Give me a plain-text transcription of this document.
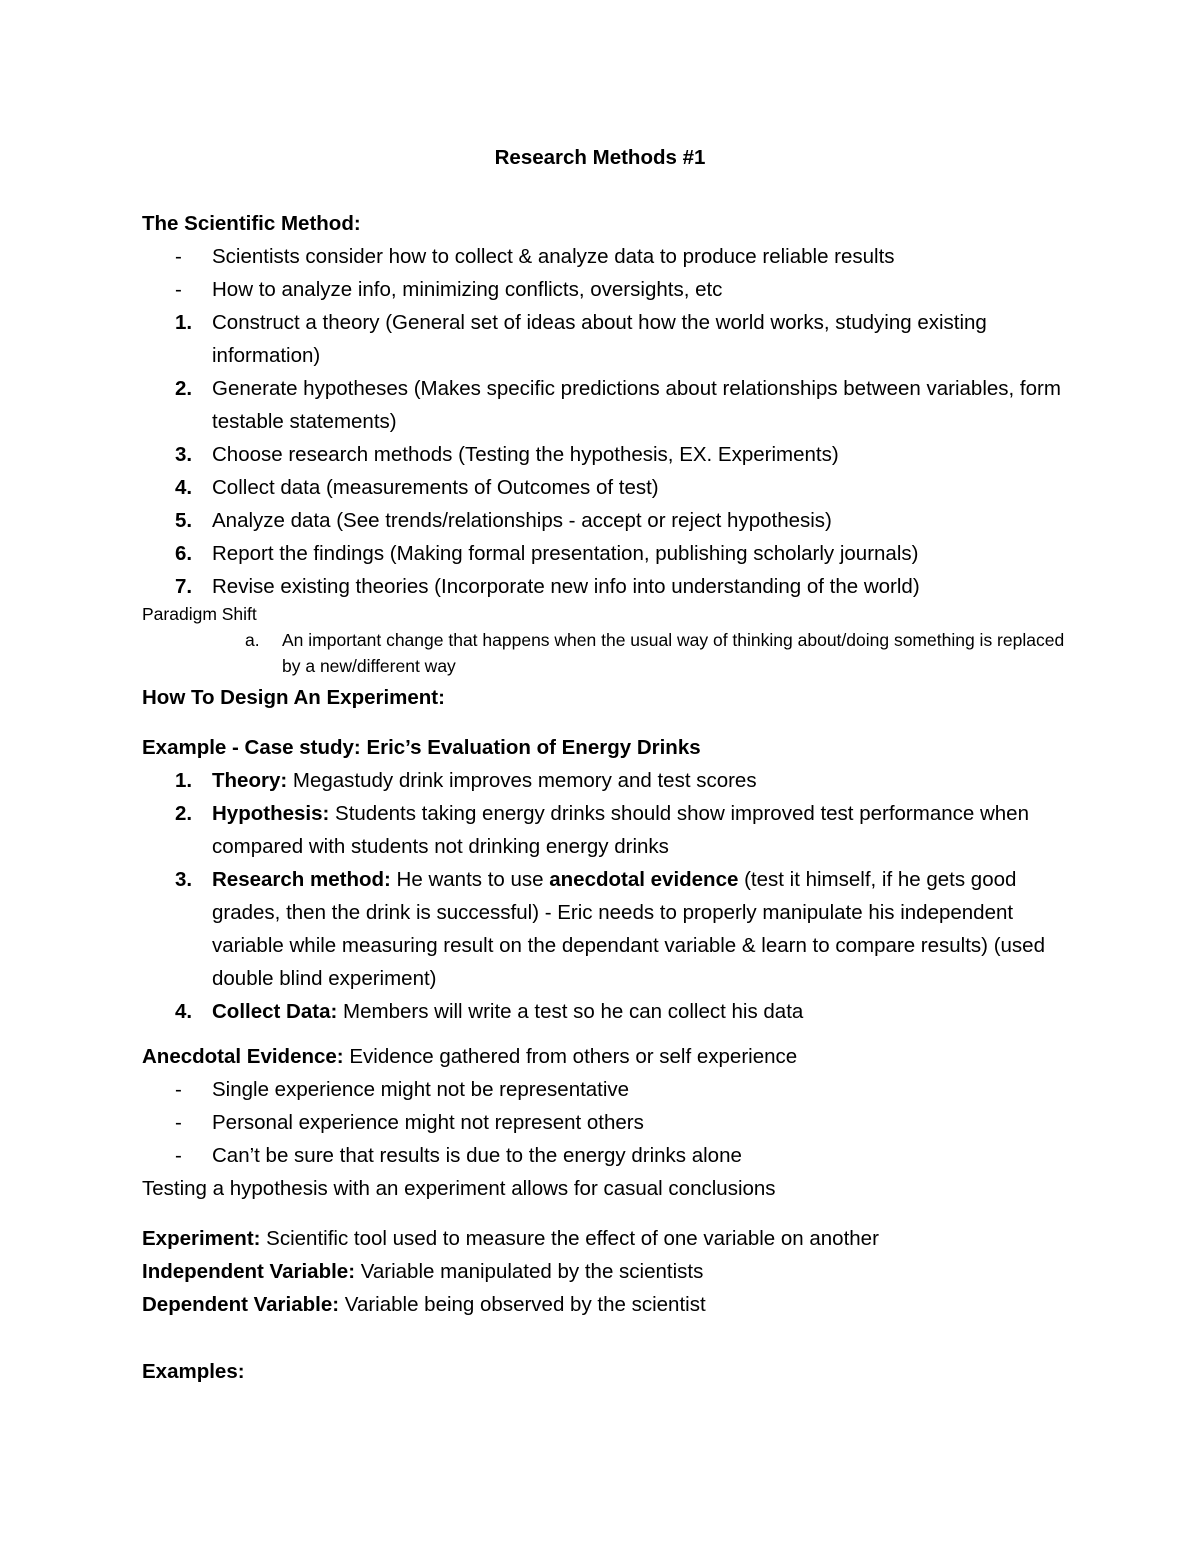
Research Methods #1
The Scientific Method:
-	Scientists consider how to collect & analyze data to produce reliable results
-	How to analyze info, minimizing conflicts, oversights, etc
1. Construct a theory (General set of ideas about how the world works, studying existing information)
2. Generate hypotheses (Makes specific predictions about relationships between variables, form testable statements)
3. Choose research methods (Testing the hypothesis, EX. Experiments)
4. Collect data (measurements of Outcomes of test)
5. Analyze data (See trends/relationships - accept or reject hypothesis)
6. Report the findings (Making formal presentation, publishing scholarly journals)
7. Revise existing theories (Incorporate new info into understanding of the world)
Paradigm Shift
a.	An important change that happens when the usual way of thinking about/doing something is replaced by a new/different way
How To Design An Experiment:
Example - Case study: Eric’s Evaluation of Energy Drinks
1. Theory: Megastudy drink improves memory and test scores
2. Hypothesis: Students taking energy drinks should show improved test performance when compared with students not drinking energy drinks
3. Research method: He wants to use anecdotal evidence (test it himself, if he gets good grades, then the drink is successful) - Eric needs to properly manipulate his independent variable while measuring result on the dependant variable & learn to compare results) (used double blind experiment)
4. Collect Data: Members will write a test so he can collect his data
Anecdotal Evidence: Evidence gathered from others or self experience
-	Single experience might not be representative
-	Personal experience might not represent others
-	Can’t be sure that results is due to the energy drinks alone
Testing a hypothesis with an experiment allows for casual conclusions
Experiment: Scientific tool used to measure the effect of one variable on another
Independent Variable: Variable manipulated by the scientists
Dependent Variable: Variable being observed by the scientist
Examples:
